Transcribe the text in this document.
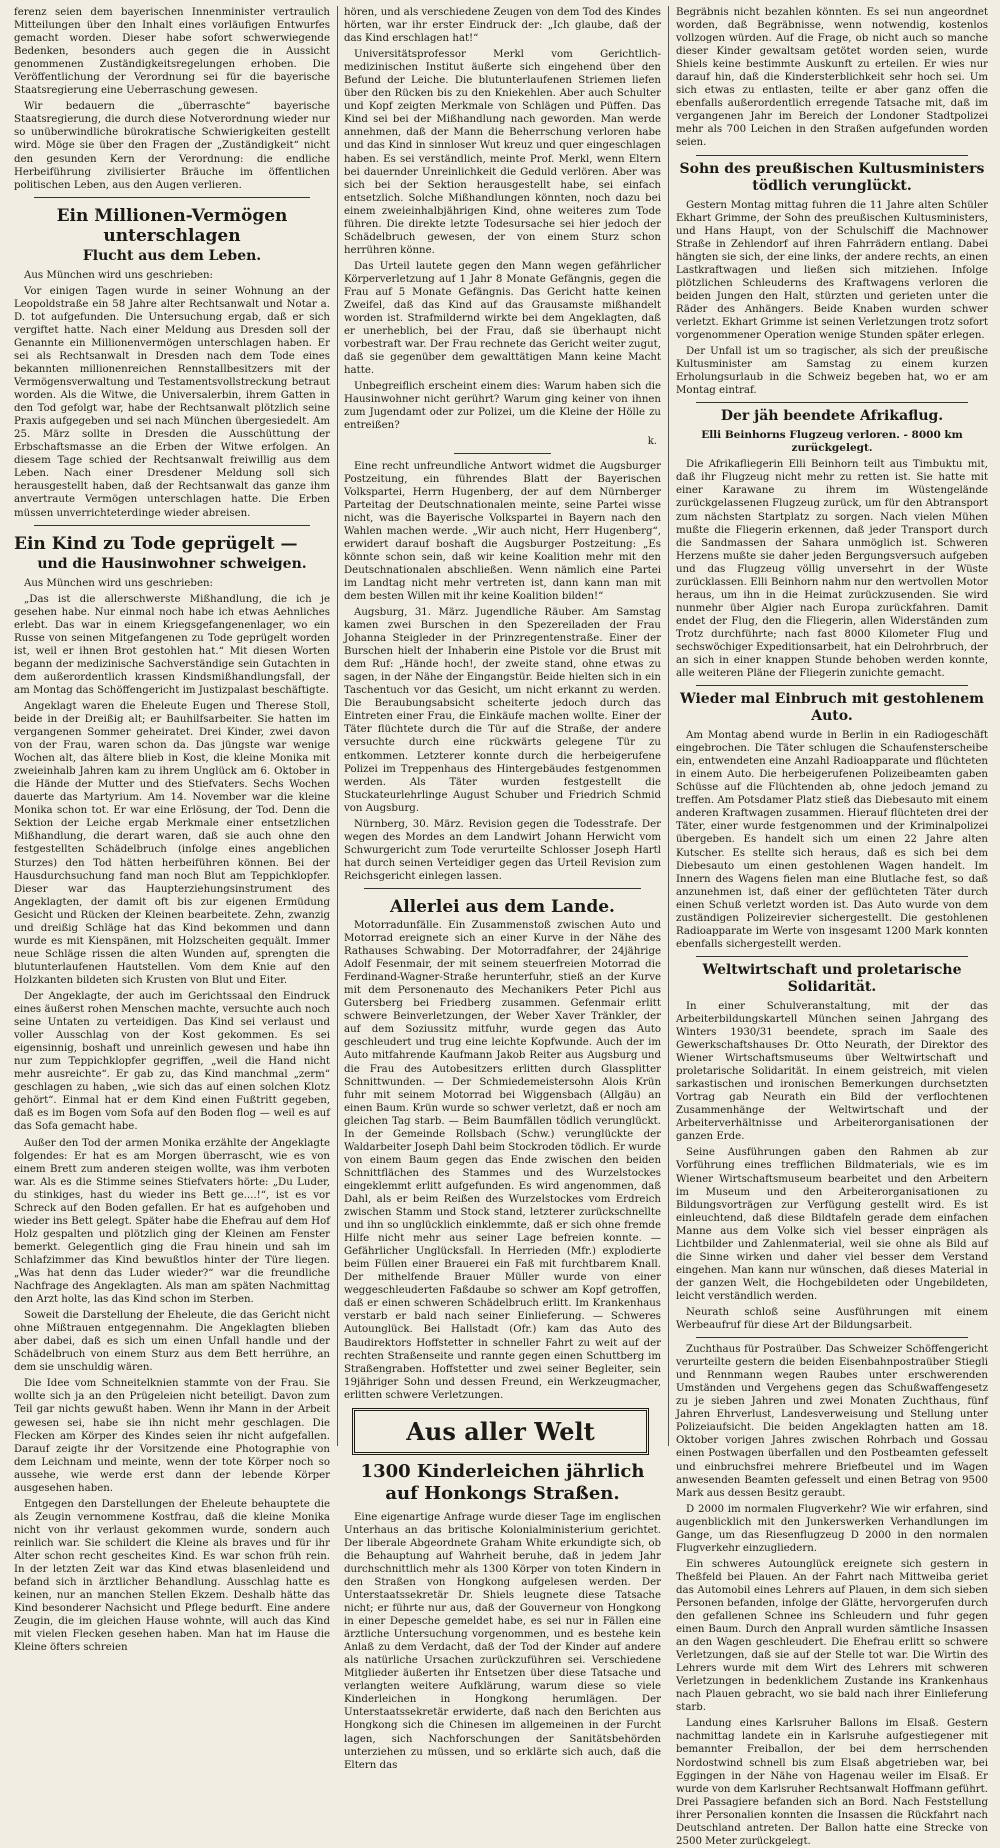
ferenz seien dem bayerischen Innenminister vertraulich Mitteilungen über den Inhalt eines vorläufigen Entwurfes gemacht worden. Dieser habe sofort schwerwiegende Bedenken, besonders auch gegen die in Aussicht genommenen Zuständigkeitsregelungen erhoben. Die Veröffentlichung der Verordnung sei für die bayerische Staatsregierung eine Ueberraschung gewesen.

Wir bedauern die „überraschte“ bayerische Staatsregierung, die durch diese Notverordnung wieder nur so unüberwindliche bürokratische Schwierigkeiten gestellt wird. Möge sie über den Fragen der „Zuständigkeit“ nicht den gesunden Kern der Verordnung: die endliche Herbeiführung zivilisierter Bräuche im öffentlichen politischen Leben, aus den Augen verlieren.

Ein Millionen-Vermögen unterschlagen
Flucht aus dem Leben.

Aus München wird uns geschrieben:

Vor einigen Tagen wurde in seiner Wohnung an der Leopoldstraße ein 58 Jahre alter Rechtsanwalt und Notar a. D. tot aufgefunden. Die Untersuchung ergab, daß er sich vergiftet hatte. Nach einer Meldung aus Dresden soll der Genannte ein Millionenvermögen unterschlagen haben. Er sei als Rechtsanwalt in Dresden nach dem Tode eines bekannten millionenreichen Rennstallbesitzers mit der Vermögensverwaltung und Testamentsvollstreckung betraut worden. Als die Witwe, die Universalerbin, ihrem Gatten in den Tod gefolgt war, habe der Rechtsanwalt plötzlich seine Praxis aufgegeben und sei nach München übergesiedelt. Am 25. März sollte in Dresden die Ausschüttung der Erbschaftsmasse an die Erben der Witwe erfolgen. An diesem Tage schied der Rechtsanwalt freiwillig aus dem Leben. Nach einer Dresdener Meldung soll sich herausgestellt haben, daß der Rechtsanwalt das ganze ihm anvertraute Vermögen unterschlagen hatte. Die Erben müssen unverrichteterdinge wieder abreisen.

Ein Kind zu Tode geprügelt —
und die Hausinwohner schweigen.

Aus München wird uns geschrieben:

„Das ist die allerschwerste Mißhandlung, die ich je gesehen habe. Nur einmal noch habe ich etwas Aehnliches erlebt. Das war in einem Kriegsgefangenenlager, wo ein Russe von seinen Mitgefangenen zu Tode geprügelt worden ist, weil er ihnen Brot gestohlen hat.“ Mit diesen Worten begann der medizinische Sachverständige sein Gutachten in dem außerordentlich krassen Kindsmißhandlungsfall, der am Montag das Schöffengericht im Justizpalast beschäftigte.

Angeklagt waren die Eheleute Eugen und Therese Stoll, beide in der Dreißig alt; er Bauhilfsarbeiter. Sie hatten im vergangenen Sommer geheiratet. Drei Kinder, zwei davon von der Frau, waren schon da. Das jüngste war wenige Wochen alt, das ältere blieb in Kost, die kleine Monika mit zweieinhalb Jahren kam zu ihrem Unglück am 6. Oktober in die Hände der Mutter und des Stiefvaters. Sechs Wochen dauerte das Martyrium. Am 14. November war die kleine Monika schon tot. Er war eine Erlösung, der Tod. Denn die Sektion der Leiche ergab Merkmale einer entsetzlichen Mißhandlung, die derart waren, daß sie auch ohne den festgestellten Schädelbruch (infolge eines angeblichen Sturzes) den Tod hätten herbeiführen können. Bei der Hausdurchsuchung fand man noch Blut am Teppichklopfer. Dieser war das Haupterziehungsinstrument des Angeklagten, der damit oft bis zur eigenen Ermüdung Gesicht und Rücken der Kleinen bearbeitete. Zehn, zwanzig und dreißig Schläge hat das Kind bekommen und dann wurde es mit Kienspänen, mit Holzscheiten gequält. Immer neue Schläge rissen die alten Wunden auf, sprengten die blutunterlaufenen Hautstellen. Vom dem Knie auf den Holzkanten bildeten sich Krusten von Blut und Eiter.

Der Angeklagte, der auch im Gerichtssaal den Eindruck eines äußerst rohen Menschen machte, versuchte auch noch seine Untaten zu verteidigen. Das Kind sei verlaust und voller Ausschlag von der Kost gekommen. Es sei eigensinnig, boshaft und unreinlich gewesen und habe ihn nur zum Teppichklopfer gegriffen, „weil die Hand nicht mehr ausreichte“. Er gab zu, das Kind manchmal „zerm“ geschlagen zu haben, „wie sich das auf einen solchen Klotz gehört“. Einmal hat er dem Kind einen Fußtritt gegeben, daß es im Bogen vom Sofa auf den Boden flog — weil es auf das Sofa gemacht habe.

Außer den Tod der armen Monika erzählte der Angeklagte folgendes: Er hat es am Morgen überrascht, wie es von einem Brett zum anderen steigen wollte, was ihm verboten war. Als es die Stimme seines Stiefvaters hörte: „Du Luder, du stinkiges, hast du wieder ins Bett ge....!“, ist es vor Schreck auf den Boden gefallen. Er hat es aufgehoben und wieder ins Bett gelegt. Später habe die Ehefrau auf dem Hof Holz gespalten und plötzlich ging der Kleinen am Fenster bemerkt. Gelegentlich ging die Frau hinein und sah im Schlafzimmer das Kind bewußtlos hinter der Türe liegen. „Was hat denn das Luder wieder?“ war die freundliche Nachfrage des Angeklagten. Als man am späten Nachmittag den Arzt holte, las das Kind schon im Sterben.

Soweit die Darstellung der Eheleute, die das Gericht nicht ohne Mißtrauen entgegennahm. Die Angeklagten blieben aber dabei, daß es sich um einen Unfall handle und der Schädelbruch von einem Sturz aus dem Bett herrühre, an dem sie unschuldig wären.

Die Idee vom Schneitelknien stammte von der Frau. Sie wollte sich ja an den Prügeleien nicht beteiligt. Davon zum Teil gar nichts gewußt haben. Wenn ihr Mann in der Arbeit gewesen sei, habe sie ihn nicht mehr geschlagen. Die Flecken am Körper des Kindes seien ihr nicht aufgefallen. Darauf zeigte ihr der Vorsitzende eine Photographie von dem Leichnam und meinte, wenn der tote Körper noch so aussehe, wie werde erst dann der lebende Körper ausgesehen haben.

Entgegen den Darstellungen der Eheleute behauptete die als Zeugin vernommene Kostfrau, daß die kleine Monika nicht von ihr verlaust gekommen wurde, sondern auch reinlich war. Sie schildert die Kleine als braves und für ihr Alter schon recht gescheites Kind. Es war schon früh rein. In der letzten Zeit war das Kind etwas blasenleidend und befand sich in ärztlicher Behandlung. Ausschlag hatte es keinen, nur an manchen Stellen Ekzem. Deshalb hätte das Kind besonderer Nachsicht und Pflege bedurft. Eine andere Zeugin, die im gleichen Hause wohnte, will auch das Kind mit vielen Flecken gesehen haben. Man hat im Hause die Kleine öfters schreien

hören, und als verschiedene Zeugen von dem Tod des Kindes hörten, war ihr erster Eindruck der: „Ich glaube, daß der das Kind erschlagen hat!“

Universitätsprofessor Merkl vom Gerichtlich-medizinischen Institut äußerte sich eingehend über den Befund der Leiche. Die blutunterlaufenen Striemen liefen über den Rücken bis zu den Kniekehlen. Aber auch Schulter und Kopf zeigten Merkmale von Schlägen und Püffen. Das Kind sei bei der Mißhandlung nach geworden. Man werde annehmen, daß der Mann die Beherrschung verloren habe und das Kind in sinnloser Wut kreuz und quer eingeschlagen haben. Es sei verständlich, meinte Prof. Merkl, wenn Eltern bei dauernder Unreinlichkeit die Geduld verlören. Aber was sich bei der Sektion herausgestellt habe, sei einfach entsetzlich. Solche Mißhandlungen könnten, noch dazu bei einem zweieinhalbjährigen Kind, ohne weiteres zum Tode führen. Die direkte letzte Todesursache sei hier jedoch der Schädelbruch gewesen, der von einem Sturz schon herrühren könne.

Das Urteil lautete gegen den Mann wegen gefährlicher Körperverletzung auf 1 Jahr 8 Monate Gefängnis, gegen die Frau auf 5 Monate Gefängnis. Das Gericht hatte keinen Zweifel, daß das Kind auf das Grausamste mißhandelt worden ist. Strafmildernd wirkte bei dem Angeklagten, daß er unerheblich, bei der Frau, daß sie überhaupt nicht vorbestraft war. Der Frau rechnete das Gericht weiter zugut, daß sie gegenüber dem gewalttätigen Mann keine Macht hatte.

Unbegreiflich erscheint einem dies: Warum haben sich die Hausinwohner nicht gerührt? Warum ging keiner von ihnen zum Jugendamt oder zur Polizei, um die Kleine der Hölle zu entreißen?

k.

Eine recht unfreundliche Antwort widmet die Augsburger Postzeitung, ein führendes Blatt der Bayerischen Volkspartei, Herrn Hugenberg, der auf dem Nürnberger Parteitag der Deutschnationalen meinte, seine Partei wisse nicht, was die Bayerische Volkspartei in Bayern nach den Wahlen machen werde. „Wir auch nicht, Herr Hugenberg“, erwidert darauf boshaft die Augsburger Postzeitung: „Es könnte schon sein, daß wir keine Koalition mehr mit den Deutschnationalen abschließen. Wenn nämlich eine Partei im Landtag nicht mehr vertreten ist, dann kann man mit dem besten Willen mit ihr keine Koalition bilden!“

Augsburg, 31. März. Jugendliche Räuber. Am Samstag kamen zwei Burschen in den Spezereiladen der Frau Johanna Steigleder in der Prinzregentenstraße. Einer der Burschen hielt der Inhaberin eine Pistole vor die Brust mit dem Ruf: „Hände hoch!, der zweite stand, ohne etwas zu sagen, in der Nähe der Eingangstür. Beide hielten sich in ein Taschentuch vor das Gesicht, um nicht erkannt zu werden. Die Beraubungsabsicht scheiterte jedoch durch das Eintreten einer Frau, die Einkäufe machen wollte. Einer der Täter flüchtete durch die Tür auf die Straße, der andere versuchte durch eine rückwärts gelegene Tür zu entkommen. Letzterer konnte durch die herbeigerufene Polizei im Treppenhaus des Hintergebäudes festgenommen werden. Als Täter wurden festgestellt die Stuckateurlehrlinge August Schuber und Friedrich Schmid von Augsburg.

Nürnberg, 30. März. Revision gegen die Todesstrafe. Der wegen des Mordes an dem Landwirt Johann Herwicht vom Schwurgericht zum Tode verurteilte Schlosser Joseph Hartl hat durch seinen Verteidiger gegen das Urteil Revision zum Reichsgericht einlegen lassen.

Allerlei aus dem Lande.

Motorradunfälle. Ein Zusammenstoß zwischen Auto und Motorrad ereignete sich an einer Kurve in der Nähe des Rathauses Schwabing. Der Motorradfahrer, der 24jährige Adolf Fesenmair, der mit seinem steuerfreien Motorrad die Ferdinand-Wagner-Straße herunterfuhr, stieß an der Kurve mit dem Personenauto des Mechanikers Peter Pichl aus Gutersberg bei Friedberg zusammen. Gefenmair erlitt schwere Beinverletzungen, der Weber Xaver Tränkler, der auf dem Soziussitz mitfuhr, wurde gegen das Auto geschleudert und trug eine leichte Kopfwunde. Auch der im Auto mitfahrende Kaufmann Jakob Reiter aus Augsburg und die Frau des Autobesitzers erlitten durch Glassplitter Schnittwunden. — Der Schmiedemeistersohn Alois Krün fuhr mit seinem Motorrad bei Wiggensbach (Allgäu) an einen Baum. Krün wurde so schwer verletzt, daß er noch am gleichen Tag starb. — Beim Baumfällen tödlich verunglückt. In der Gemeinde Rollsbach (Schw.) verunglückte der Waldarbeiter Joseph Dahl beim Stockroden tödlich. Er wurde von einem Baum gegen das Ende zwischen den beiden Schnittflächen des Stammes und des Wurzelstockes eingeklemmt erlitt aufgefunden. Es wird angenommen, daß Dahl, als er beim Reißen des Wurzelstockes vom Erdreich zwischen Stamm und Stock stand, letzterer zurückschnellte und ihn so unglücklich einklemmte, daß er sich ohne fremde Hilfe nicht mehr aus seiner Lage befreien konnte. — Gefährlicher Unglücksfall. In Herrieden (Mfr.) explodierte beim Füllen einer Brauerei ein Faß mit furchtbarem Knall. Der mithelfende Brauer Müller wurde von einer weggeschleuderten Faßdaube so schwer am Kopf getroffen, daß er einen schweren Schädelbruch erlitt. Im Krankenhaus verstarb er bald nach seiner Einlieferung. — Schweres Autounglück. Bei Hallstadt (Ofr.) kam das Auto des Baudirektors Hoffstetter in schneller Fahrt zu weit auf der rechten Straßenseite und rannte gegen einen Schuttberg im Straßengraben. Hoffstetter und zwei seiner Begleiter, sein 19jähriger Sohn und dessen Freund, ein Werkzeugmacher, erlitten schwere Verletzungen.

Aus aller Welt
1300 Kinderleichen jährlich auf Honkongs Straßen.

Eine eigenartige Anfrage wurde dieser Tage im englischen Unterhaus an das britische Kolonialministerium gerichtet. Der liberale Abgeordnete Graham White erkundigte sich, ob die Behauptung auf Wahrheit beruhe, daß in jedem Jahr durchschnittlich mehr als 1300 Körper von toten Kindern in den Straßen von Hongkong aufgelesen werden. Der Unterstaatssekretär Dr. Shiels leugnete diese Tatsache nicht; er führte nur aus, daß der Gouverneur von Hongkong in einer Depesche gemeldet habe, es sei nur in Fällen eine ärztliche Untersuchung vorgenommen, und es bestehe kein Anlaß zu dem Verdacht, daß der Tod der Kinder auf andere als natürliche Ursachen zurückzuführen sei. Verschiedene Mitglieder äußerten ihr Entsetzen über diese Tatsache und verlangten weitere Aufklärung, warum diese so viele Kinderleichen in Hongkong herumlägen. Der Unterstaatssekretär erwiderte, daß nach den Berichten aus Hongkong sich die Chinesen im allgemeinen in der Furcht lagen, sich Nachforschungen der Sanitätsbehörden unterziehen zu müssen, und so erklärte sich auch, daß die Eltern das

Begräbnis nicht bezahlen könnten. Es sei nun angeordnet worden, daß Begräbnisse, wenn notwendig, kostenlos vollzogen würden. Auf die Frage, ob nicht auch so manche dieser Kinder gewaltsam getötet worden seien, wurde Shiels keine bestimmte Auskunft zu erteilen. Er wies nur darauf hin, daß die Kindersterblichkeit sehr hoch sei. Um sich etwas zu entlasten, teilte er aber ganz offen die ebenfalls außerordentlich erregende Tatsache mit, daß im vergangenen Jahr im Bereich der Londoner Stadtpolizei mehr als 700 Leichen in den Straßen aufgefunden worden seien.

Sohn des preußischen Kultusministers tödlich verunglückt.

Gestern Montag mittag fuhren die 11 Jahre alten Schüler Ekhart Grimme, der Sohn des preußischen Kultusministers, und Hans Haupt, von der Schulschiff die Machnower Straße in Zehlendorf auf ihren Fahrrädern entlang. Dabei hängten sie sich, der eine links, der andere rechts, an einen Lastkraftwagen und ließen sich mitziehen. Infolge plötzlichen Schleuderns des Kraftwagens verloren die beiden Jungen den Halt, stürzten und gerieten unter die Räder des Anhängers. Beide Knaben wurden schwer verletzt. Ekhart Grimme ist seinen Verletzungen trotz sofort vorgenommener Operation wenige Stunden später erlegen.

Der Unfall ist um so tragischer, als sich der preußische Kultusminister am Samstag zu einem kurzen Erholungsurlaub in die Schweiz begeben hat, wo er am Montag eintraf.

Der jäh beendete Afrikaflug.

Elli Beinhorns Flugzeug verloren. - 8000 km zurückgelegt.

Die Afrikafliegerin Elli Beinhorn teilt aus Timbuktu mit, daß ihr Flugzeug nicht mehr zu retten ist. Sie hatte mit einer Karawane zu ihrem im Wüstengelände zurückgelassenen Flugzeug zurück, um für den Abtransport zum nächsten Startplatz zu sorgen. Nach vielen Mühen mußte die Fliegerin erkennen, daß jeder Transport durch die Sandmassen der Sahara unmöglich ist. Schweren Herzens mußte sie daher jeden Bergungsversuch aufgeben und das Flugzeug völlig unversehrt in der Wüste zurücklassen. Elli Beinhorn nahm nur den wertvollen Motor heraus, um ihn in die Heimat zurückzusenden. Sie wird nunmehr über Algier nach Europa zurückfahren. Damit endet der Flug, den die Fliegerin, allen Widerständen zum Trotz durchführte; nach fast 8000 Kilometer Flug und sechswöchiger Expeditionsarbeit, hat ein Delrohrbruch, der an sich in einer knappen Stunde behoben werden konnte, alle weiteren Pläne der Fliegerin zunichte gemacht.

Wieder mal Einbruch mit gestohlenem Auto.

Am Montag abend wurde in Berlin in ein Radiogeschäft eingebrochen. Die Täter schlugen die Schaufensterscheibe ein, entwendeten eine Anzahl Radioapparate und flüchteten in einem Auto. Die herbeigerufenen Polizeibeamten gaben Schüsse auf die Flüchtenden ab, ohne jedoch jemand zu treffen. Am Potsdamer Platz stieß das Diebesauto mit einem anderen Kraftwagen zusammen. Hierauf flüchteten drei der Täter, einer wurde festgenommen und der Kriminalpolizei übergeben. Es handelt sich um einen 22 Jahre alten Kutscher. Es stellte sich heraus, daß es sich bei dem Diebesauto um einen gestohlenen Wagen handelt. Im Innern des Wagens fielen man eine Blutlache fest, so daß anzunehmen ist, daß einer der geflüchteten Täter durch einen Schuß verletzt worden ist. Das Auto wurde von dem zuständigen Polizeirevier sichergestellt. Die gestohlenen Radioapparate im Werte von insgesamt 1200 Mark konnten ebenfalls sichergestellt werden.

Weltwirtschaft und proletarische Solidarität.

In einer Schulveranstaltung, mit der das Arbeiterbildungskartell München seinen Jahrgang des Winters 1930/31 beendete, sprach im Saale des Gewerkschaftshauses Dr. Otto Neurath, der Direktor des Wiener Wirtschaftsmuseums über Weltwirtschaft und proletarische Solidarität. In einem geistreich, mit vielen sarkastischen und ironischen Bemerkungen durchsetzten Vortrag gab Neurath ein Bild der verflochtenen Zusammenhänge der Weltwirtschaft und der Arbeiterverhältnisse und Arbeiterorganisationen der ganzen Erde.

Seine Ausführungen gaben den Rahmen ab zur Vorführung eines trefflichen Bildmaterials, wie es im Wiener Wirtschaftsmuseum bearbeitet und den Arbeitern im Museum und den Arbeiterorganisationen zu Bildungsvorträgen zur Verfügung gestellt wird. Es ist einleuchtend, daß diese Bildtafeln gerade dem einfachen Manne aus dem Volke sich viel besser einprägen als Lichtbilder und Zahlenmaterial, weil sie ohne als Bild auf die Sinne wirken und daher viel besser dem Verstand eingehen. Man kann nur wünschen, daß dieses Material in der ganzen Welt, die Hochgebildeten oder Ungebildeten, leicht verständlich werden.

Neurath schloß seine Ausführungen mit einem Werbeaufruf für diese Art der Bildungsarbeit.

Zuchthaus für Postraüber. Das Schweizer Schöffengericht verurteilte gestern die beiden Eisenbahnpostraüber Stiegli und Rennmann wegen Raubes unter erschwerenden Umständen und Vergehens gegen das Schußwaffengesetz zu je sieben Jahren und zwei Monaten Zuchthaus, fünf Jahren Ehrverlust, Landesverweisung und Stellung unter Polizeiaufsicht. Die beiden Angeklagten hatten am 18. Oktober vorigen Jahres zwischen Rohrbach und Gossau einen Postwagen überfallen und den Postbeamten gefesselt und einbruchsfrei mehrere Briefbeutel und im Wagen anwesenden Beamten gefesselt und einen Betrag von 9500 Mark aus dessen Besitz geraubt.

D 2000 im normalen Flugverkehr? Wie wir erfahren, sind augenblicklich mit den Junkerswerken Verhandlungen im Gange, um das Riesenflugzeug D 2000 in den normalen Flugverkehr einzugliedern.

Ein schweres Autounglück ereignete sich gestern in Theßfeld bei Plauen. An der Fahrt nach Mittweiba geriet das Automobil eines Lehrers auf Plauen, in dem sich sieben Personen befanden, infolge der Glätte, hervorgerufen durch den gefallenen Schnee ins Schleudern und fuhr gegen einen Baum. Durch den Anprall wurden sämtliche Insassen an den Wagen geschleudert. Die Ehefrau erlitt so schwere Verletzungen, daß sie auf der Stelle tot war. Die Wirtin des Lehrers wurde mit dem Wirt des Lehrers mit schweren Verletzungen in bedenklichem Zustande ins Krankenhaus nach Plauen gebracht, wo sie bald nach ihrer Einlieferung starb.

Landung eines Karlsruher Ballons im Elsaß. Gestern nachmittag landete ein in Karlsruhe aufgestiegener mit bemannter Freiballon, der bei dem herrschenden Nordostwind schnell bis zum Elsaß abgetrieben war, bei Eggingen in der Nähe von Hagenau weiler im Elsaß. Er wurde von dem Karlsruher Rechtsanwalt Hoffmann geführt. Drei Passagiere befanden sich an Bord. Nach Feststellung ihrer Personalien konnten die Insassen die Rückfahrt nach Deutschland antreten. Der Ballon hatte eine Strecke von 2500 Meter zurückgelegt.
